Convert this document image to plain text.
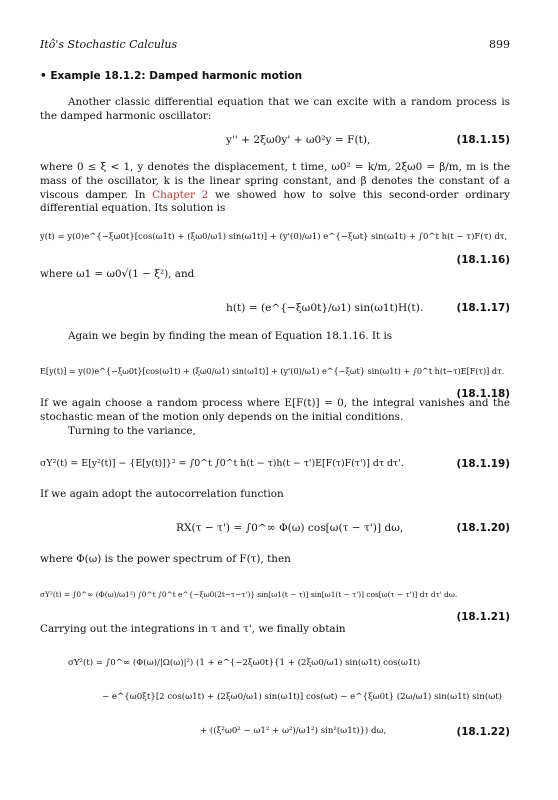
Itô's Stochastic Calculus	899
• Example 18.1.2: Damped harmonic motion
Another classic differential equation that we can excite with a random process is the damped harmonic oscillator:
y'' + 2ξω0y' + ω0²y = F(t),	(18.1.15)
where 0 ≤ ξ < 1, y denotes the displacement, t time, ω0² = k/m, 2ξω0 = β/m, m is the mass of the oscillator, k is the linear spring constant, and β denotes the constant of a viscous damper. In Chapter 2 we showed how to solve this second-order ordinary differential equation. Its solution is
y(t) = y(0)e^{−ξω0t}[cos(ω1t) + (ξω0/ω1) sin(ω1t)] + (y'(0)/ω1) e^{−ξωt} sin(ω1t) + ∫0^t h(t − τ)F(τ) dτ,
(18.1.16)
where ω1 = ω0√(1 − ξ²), and
h(t) = (e^{−ξω0t}/ω1) sin(ω1t)H(t).	(18.1.17)
Again we begin by finding the mean of Equation 18.1.16. It is
E[y(t)] = y(0)e^{−ξω0t}[cos(ω1t) + (ξω0/ω1) sin(ω1t)] + (y'(0)/ω1) e^{−ξωt} sin(ω1t) + ∫0^t h(t−τ)E[F(τ)] dτ.
(18.1.18)
If we again choose a random process where E[F(t)] = 0, the integral vanishes and the stochastic mean of the motion only depends on the initial conditions.
Turning to the variance,
σY²(t) = E[y²(t)] − {E[y(t)]}² = ∫0^t ∫0^t h(t − τ)h(t − τ')E[F(τ)F(τ')] dτ dτ'.	(18.1.19)
If we again adopt the autocorrelation function
RX(τ − τ') = ∫0^∞ Φ(ω) cos[ω(τ − τ')] dω,	(18.1.20)
where Φ(ω) is the power spectrum of F(τ), then
σY²(t) = ∫0^∞ (Φ(ω)/ω1²) ∫0^t ∫0^t e^{−ξω0(2t−τ−τ')} sin[ω1(t − τ)] sin[ω1(t − τ')] cos[ω(τ − τ')] dτ dτ' dω.
(18.1.21)
Carrying out the integrations in τ and τ', we finally obtain
σY²(t) = ∫0^∞ (Φ(ω)/|Ω(ω)|²) (1 + e^{−2ξω0t}{1 + (2ξω0/ω1) sin(ω1t) cos(ω1t)
− e^{ω0ξt}[2 cos(ω1t) + (2ξω0/ω1) sin(ω1t)] cos(ωt) − e^{ξω0t} (2ω/ω1) sin(ω1t) sin(ωt)
+ ((ξ²ω0² − ω1² + ω²)/ω1²) sin²(ω1t)}) dω,	(18.1.22)
